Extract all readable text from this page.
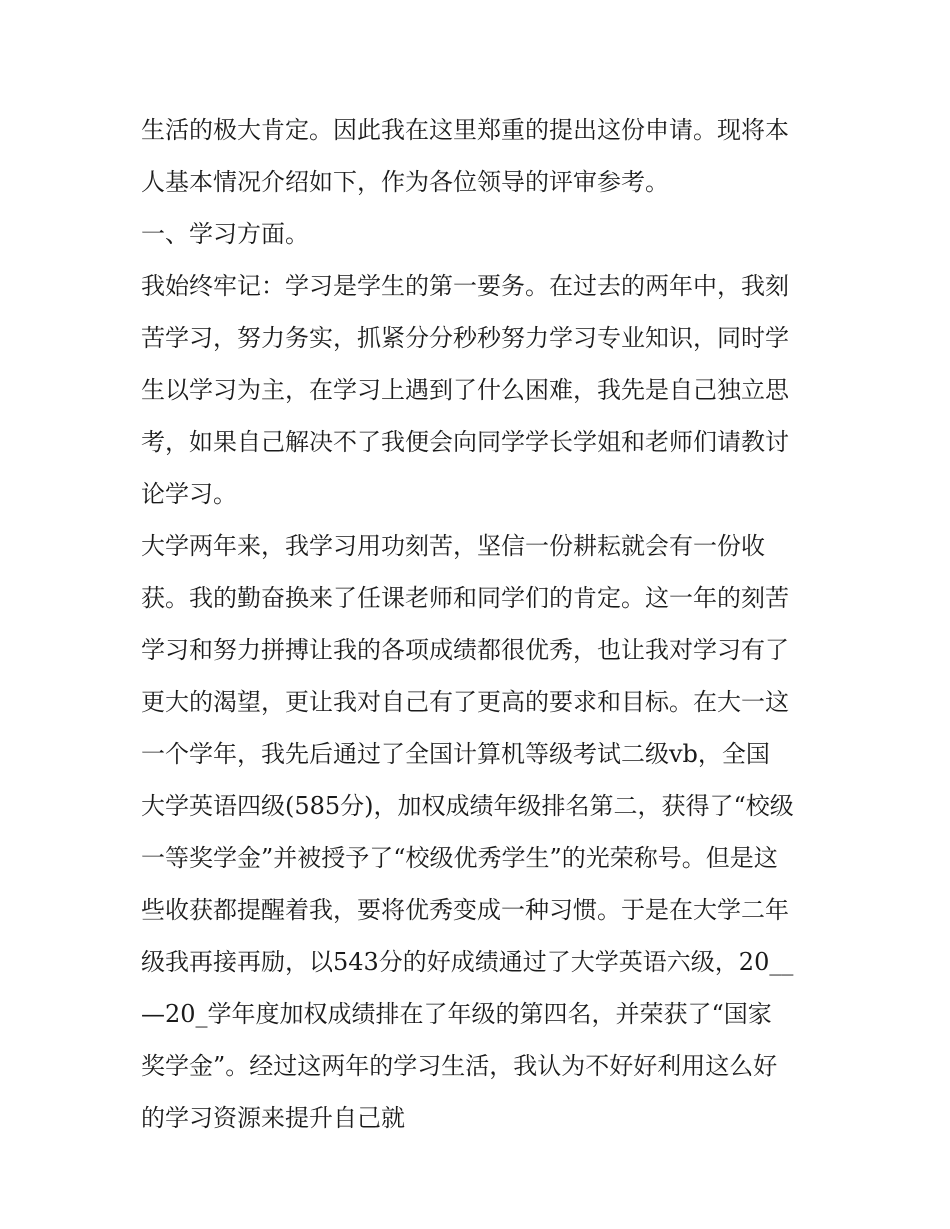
生活的极大肯定。因此我在这里郑重的提出这份申请。现将本
人基本情况介绍如下，作为各位领导的评审参考。
一、学习方面。
我始终牢记：学习是学生的第一要务。在过去的两年中，我刻
苦学习，努力务实，抓紧分分秒秒努力学习专业知识，同时学
生以学习为主，在学习上遇到了什么困难，我先是自己独立思
考，如果自己解决不了我便会向同学学长学姐和老师们请教讨
论学习。
大学两年来，我学习用功刻苦，坚信一份耕耘就会有一份收
获。我的勤奋换来了任课老师和同学们的肯定。这一年的刻苦
学习和努力拼搏让我的各项成绩都很优秀，也让我对学习有了
更大的渴望，更让我对自己有了更高的要求和目标。在大一这
一个学年，我先后通过了全国计算机等级考试二级vb，全国
大学英语四级(585分)，加权成绩年级排名第二，获得了“校级
一等奖学金”并被授予了“校级优秀学生”的光荣称号。但是这
些收获都提醒着我，要将优秀变成一种习惯。于是在大学二年
级我再接再励，以543分的好成绩通过了大学英语六级，20__
—20_学年度加权成绩排在了年级的第四名，并荣获了“国家
奖学金”。经过这两年的学习生活，我认为不好好利用这么好
的学习资源来提升自己就
